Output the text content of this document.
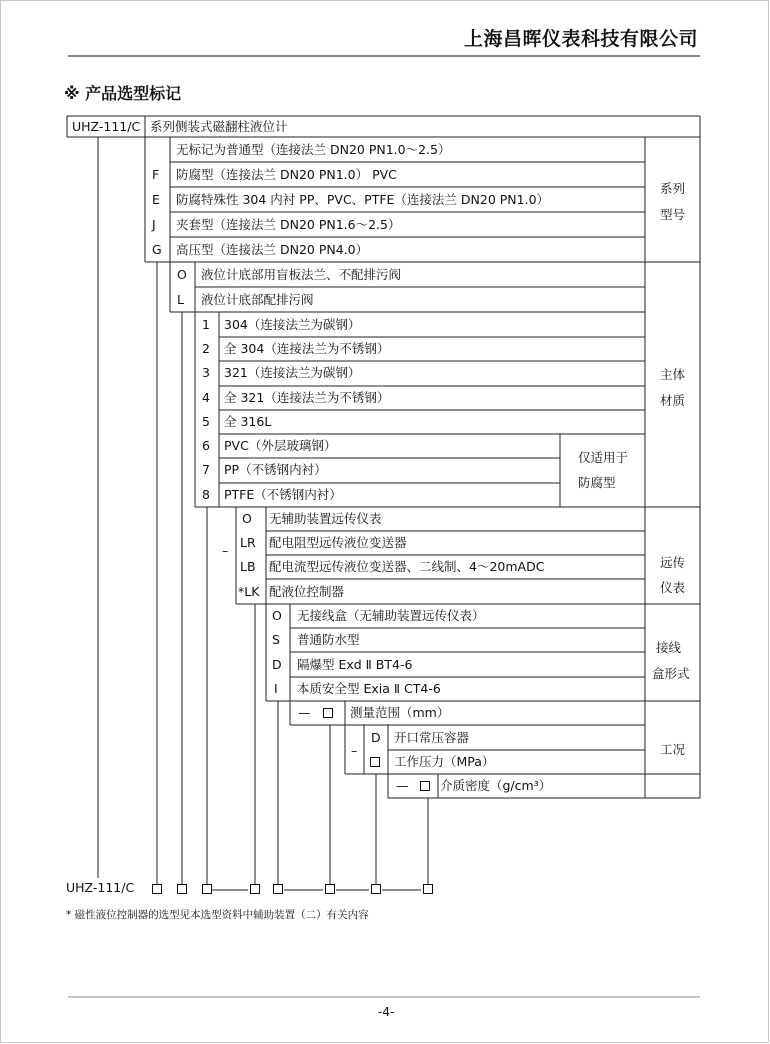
上海昌晖仪表科技有限公司
※ 产品选型标记
UHZ-111/C 系列侧装式磁翻柱液位计
无标记为普通型（连接法兰 DN20 PN1.0～2.5）
F 防腐型（连接法兰 DN20 PN1.0） PVC
E 防腐特殊性 304 内衬 PP、PVC、PTFE（连接法兰 DN20 PN1.0）
J 夹套型（连接法兰 DN20 PN1.6～2.5）
G 高压型（连接法兰 DN20 PN4.0）
系列
型号
O 液位计底部用盲板法兰、不配排污阀
L 液位计底部配排污阀
1 304（连接法兰为碳钢）
2 全 304（连接法兰为不锈钢）
3 321（连接法兰为碳钢）
4 全 321（连接法兰为不锈钢）
5 全 316L
6 PVC（外层玻璃钢）
7 PP（不锈钢内衬）
8 PTFE（不锈钢内衬）
仅适用于
防腐型
主体
材质
–
O 无辅助装置远传仪表
LR 配电阻型远传液位变送器
LB 配电流型远传液位变送器、二线制、4～20mADC
*LK 配液位控制器
远传
仪表
O 无接线盒（无辅助装置远传仪表）
S 普通防水型
D 隔爆型 Exd Ⅱ BT4-6
I 本质安全型 Exia Ⅱ CT4-6
接线
盒形式
—	测量范围（mm）
–
D 开口常压容器
工作压力（MPa）
工况
—	介质密度（g/cm³）
UHZ-111/C
* 磁性液位控制器的选型见本选型资料中辅助装置（二）有关内容
-4-
